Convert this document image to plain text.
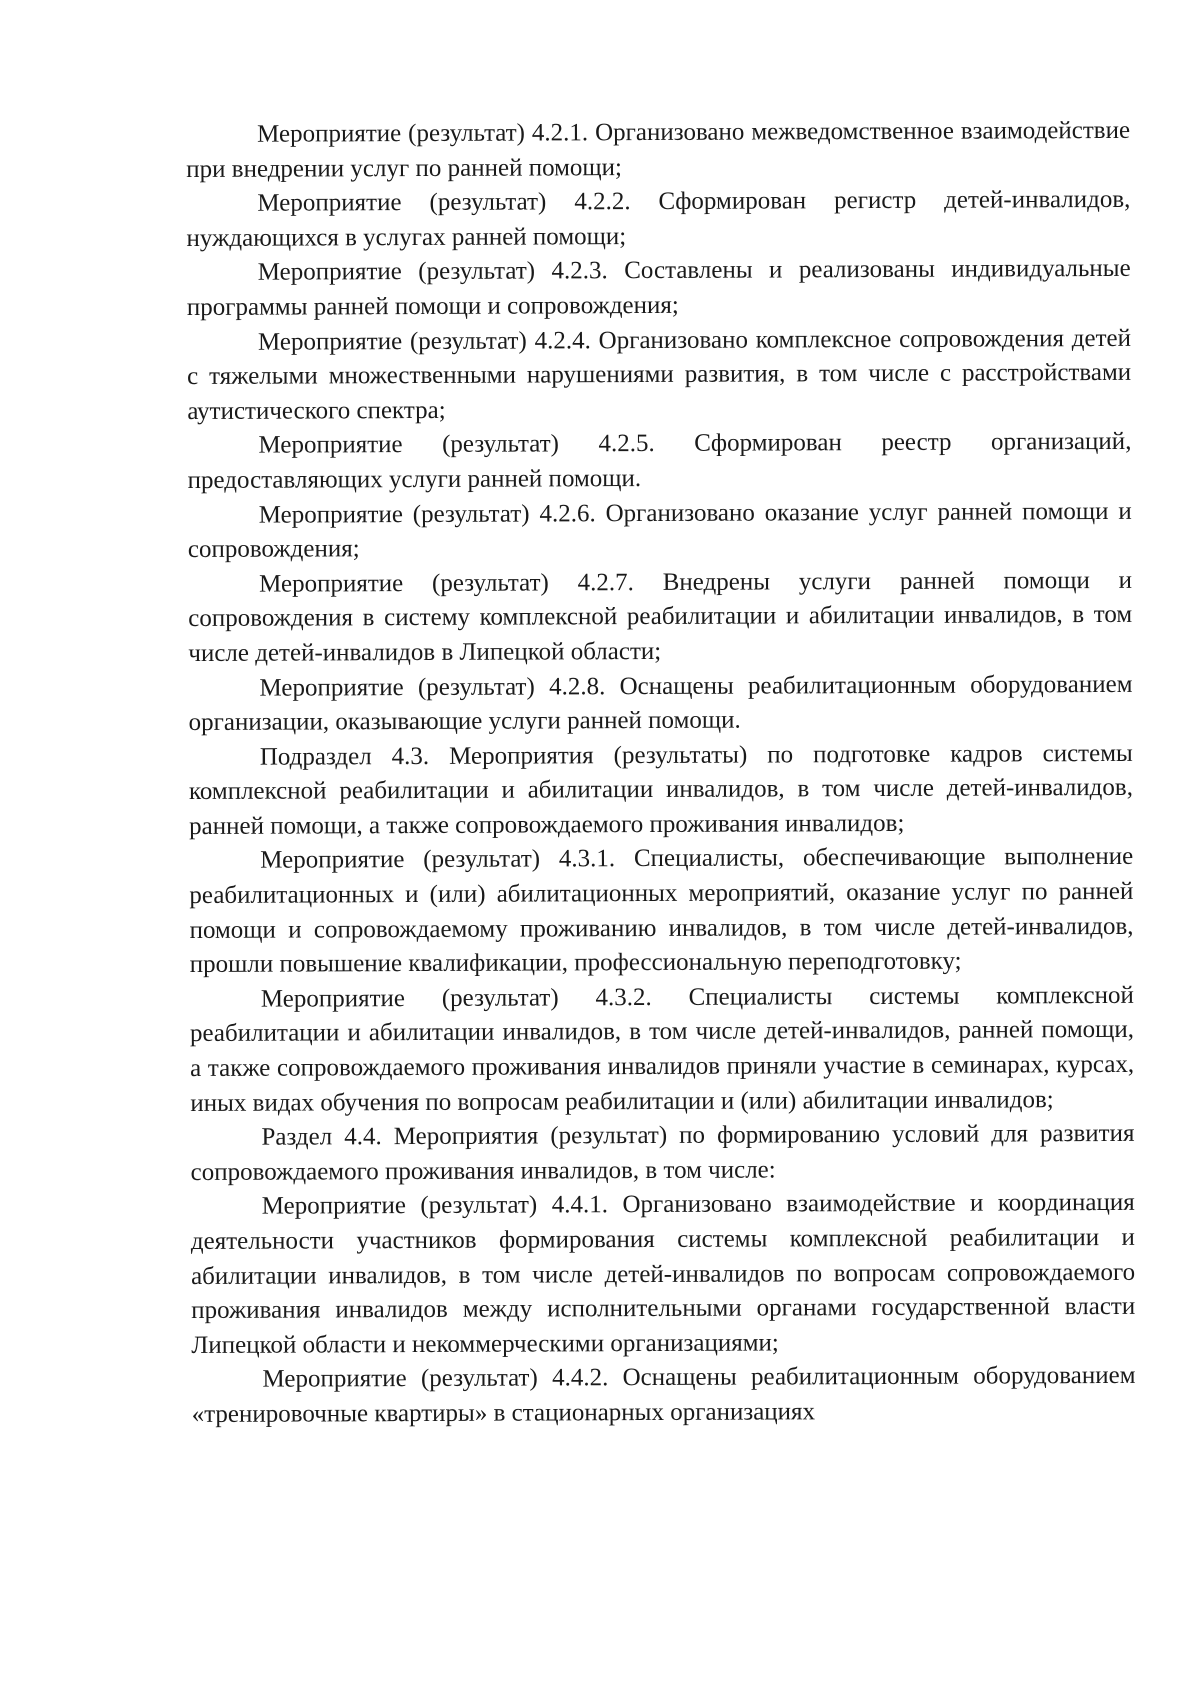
Мероприятие (результат) 4.2.1. Организовано межведомственное взаимодействие при внедрении услуг по ранней помощи;

Мероприятие (результат) 4.2.2. Сформирован регистр детей-инвалидов, нуждающихся в услугах ранней помощи;

Мероприятие (результат) 4.2.3. Составлены и реализованы индивидуальные программы ранней помощи и сопровождения;

Мероприятие (результат) 4.2.4. Организовано комплексное сопровождения детей с тяжелыми множественными нарушениями развития, в том числе с расстройствами аутистического спектра;

Мероприятие (результат) 4.2.5. Сформирован реестр организаций, предоставляющих услуги ранней помощи.

Мероприятие (результат) 4.2.6. Организовано оказание услуг ранней помощи и сопровождения;

Мероприятие (результат) 4.2.7. Внедрены услуги ранней помощи и сопровождения в систему комплексной реабилитации и абилитации инвалидов, в том числе детей-инвалидов в Липецкой области;

Мероприятие (результат) 4.2.8. Оснащены реабилитационным оборудованием организации, оказывающие услуги ранней помощи.

Подраздел 4.3. Мероприятия (результаты) по подготовке кадров системы комплексной реабилитации и абилитации инвалидов, в том числе детей-инвалидов, ранней помощи, а также сопровождаемого проживания инвалидов;

Мероприятие (результат) 4.3.1. Специалисты, обеспечивающие выполнение реабилитационных и (или) абилитационных мероприятий, оказание услуг по ранней помощи и сопровождаемому проживанию инвалидов, в том числе детей-инвалидов, прошли повышение квалификации, профессиональную переподготовку;

Мероприятие (результат) 4.3.2. Специалисты системы комплексной реабилитации и абилитации инвалидов, в том числе детей-инвалидов, ранней помощи, а также сопровождаемого проживания инвалидов приняли участие в семинарах, курсах, иных видах обучения по вопросам реабилитации и (или) абилитации инвалидов;

Раздел 4.4. Мероприятия (результат) по формированию условий для развития сопровождаемого проживания инвалидов, в том числе:

Мероприятие (результат) 4.4.1. Организовано взаимодействие и координация деятельности участников формирования системы комплексной реабилитации и абилитации инвалидов, в том числе детей-инвалидов по вопросам сопровождаемого проживания инвалидов между исполнительными органами государственной власти Липецкой области и некоммерческими организациями;

Мероприятие (результат) 4.4.2. Оснащены реабилитационным оборудованием «тренировочные квартиры» в стационарных организациях
